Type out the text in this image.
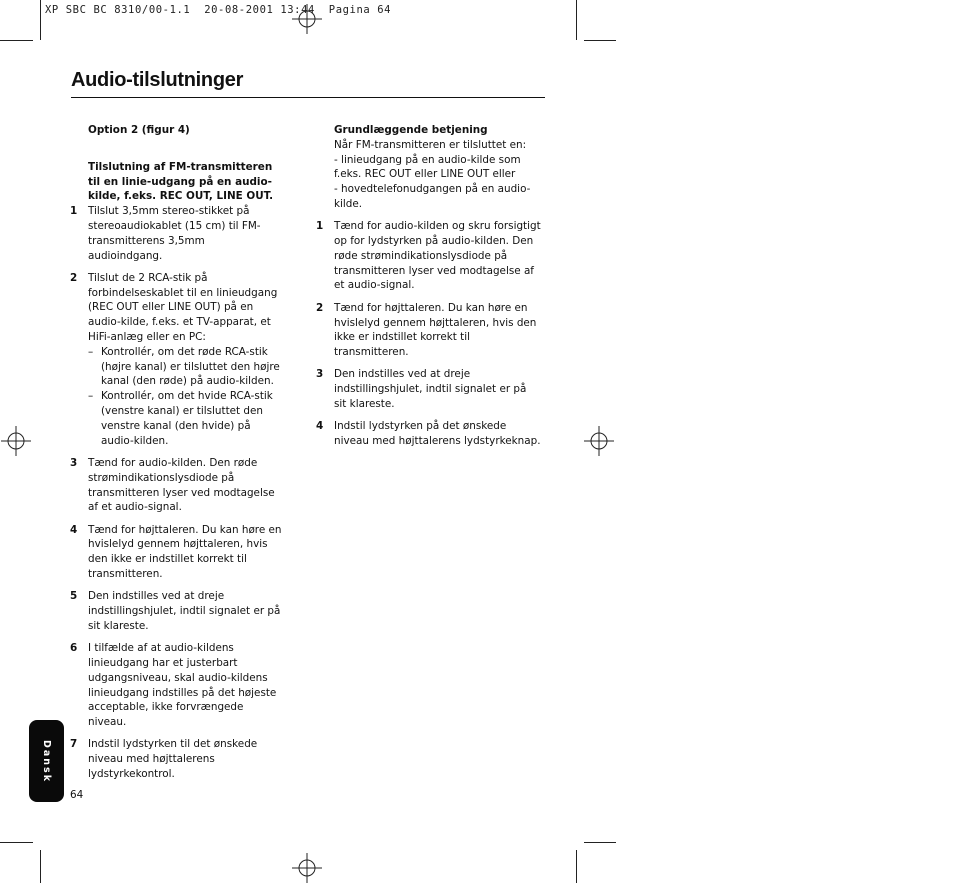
XP SBC BC 8310/00-1.1  20-08-2001 13:44  Pagina 64
Audio-tilslutninger
Option 2 (figur 4)
Tilslutning af FM-transmitteren til en linie-udgang på en audio-kilde, f.eks. REC OUT, LINE OUT.
1	Tilslut 3,5mm stereo-stikket på stereoaudiokablet (15 cm) til FM-transmitterens 3,5mm audioindgang.
2	Tilslut de 2 RCA-stik på forbindelseskablet til en linieudgang (REC OUT eller LINE OUT) på en audio-kilde, f.eks. et TV-apparat, et HiFi-anlæg eller en PC:
– Kontrollér, om det røde RCA-stik (højre kanal) er tilsluttet den højre kanal (den røde) på audio-kilden.
– Kontrollér, om det hvide RCA-stik (venstre kanal) er tilsluttet den venstre kanal (den hvide) på audio-kilden.
3	Tænd for audio-kilden. Den røde strømindikationslysdiode på transmitteren lyser ved modtagelse af et audio-signal.
4	Tænd for højttaleren. Du kan høre en hvislelyd gennem højttaleren, hvis den ikke er indstillet korrekt til transmitteren.
5	Den indstilles ved at dreje indstillingshjulet, indtil signalet er på sit klareste.
6	I tilfælde af at audio-kildens linieudgang har et justerbart udgangsniveau, skal audio-kildens linieudgang indstilles på det højeste acceptable, ikke forvrængede niveau.
7	Indstil lydstyrken til det ønskede niveau med højttalerens lydstyrkekontrol.
Grundlæggende betjening
Når FM-transmitteren er tilsluttet en:
- linieudgang på en audio-kilde som f.eks. REC OUT eller LINE OUT eller
- hovedtelefonudgangen på en audio-kilde.
1	Tænd for audio-kilden og skru forsigtigt op for lydstyrken på audio-kilden. Den røde strømindikationslysdiode på transmitteren lyser ved modtagelse af et audio-signal.
2	Tænd for højttaleren. Du kan høre en hvislelyd gennem højttaleren, hvis den ikke er indstillet korrekt til transmitteren.
3	Den indstilles ved at dreje indstillingshjulet, indtil signalet er på sit klareste.
4	Indstil lydstyrken på det ønskede niveau med højttalerens lydstyrkeknap.
Dansk
64
